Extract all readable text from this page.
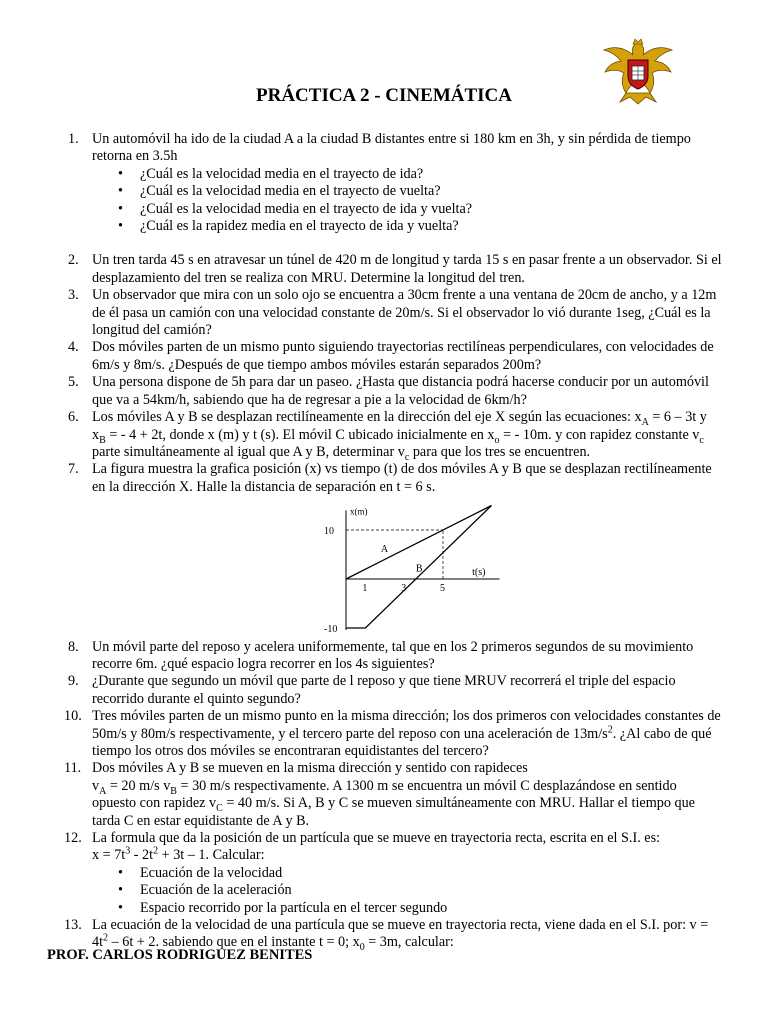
PRÁCTICA 2 - CINEMÁTICA
1. Un automóvil ha ido de la ciudad A a la ciudad B distantes entre si 180 km en 3h, y sin pérdida de tiempo retorna en 3.5h
• ¿Cuál es la velocidad media en el trayecto de ida?
• ¿Cuál es la velocidad media en el trayecto de vuelta?
• ¿Cuál es la velocidad media en el trayecto de ida y vuelta?
• ¿Cuál es la rapidez media en el trayecto de ida y vuelta?
2. Un tren tarda 45 s en atravesar un túnel de 420 m de longitud y tarda 15 s en pasar frente a un observador. Si el desplazamiento del tren se realiza con MRU. Determine la longitud del tren.
3. Un observador que mira con un solo ojo se encuentra a 30cm frente a una ventana de 20cm de ancho, y a 12m de él pasa un camión con una velocidad constante de 20m/s. Si el observador lo vió durante 1seg, ¿Cuál es la longitud del camión?
4. Dos móviles parten de un mismo punto siguiendo trayectorias rectilíneas perpendiculares, con velocidades de 6m/s y 8m/s. ¿Después de que tiempo ambos móviles estarán separados 200m?
5. Una persona dispone de 5h para dar un paseo. ¿Hasta que distancia podrá hacerse conducir por un automóvil que va a 54km/h, sabiendo que ha de regresar a pie a la velocidad de 6km/h?
6. Los móviles A y B se desplazan rectilíneamente en la dirección del eje X según las ecuaciones: $x_A = 6 - 3t$ y $x_B$ = - 4 + 2t, donde x (m) y t (s). El móvil C ubicado inicialmente en $x_o$ = - 10m. y con rapidez constante $v_c$ parte simultáneamente al igual que A y B, determinar $v_c$ para que los tres se encuentren.
7. La figura muestra la grafica posición (x) vs tiempo (t) de dos móviles A y B que se desplazan rectilíneamente en la dirección X. Halle la distancia de separación en t = 6 s.
x(m)
t(s)
10
-10
1	3	5
A
B
8. Un móvil parte del reposo y acelera uniformemente, tal que en los 2 primeros segundos de su movimiento recorre 6m. ¿qué espacio logra recorrer en los 4s siguientes?
9. ¿Durante que segundo un móvil que parte de l reposo y que tiene MRUV recorrerá el triple del espacio recorrido durante el quinto segundo?
10. Tres móviles parten de un mismo punto en la misma dirección; los dos primeros con velocidades constantes de 50m/s y 80m/s respectivamente, y el tercero parte del reposo con una aceleración de $13m/s^2$. ¿Al cabo de qué tiempo los otros dos móviles se encontraran equidistantes del tercero?
11. Dos móviles A y B se mueven en la misma dirección y sentido con rapideces
$v_A = 20$ m/s $v_B = 30$ m/s respectivamente. A 1300 m se encuentra un móvil C desplazándose en sentido opuesto con rapidez $v_C = 40$ m/s. Si A, B y C se mueven simultáneamente con MRU. Hallar el tiempo que tarda C en estar equidistante de A y B.
12. La formula que da la posición de un partícula que se mueve en trayectoria recta, escrita en el S.I. es:
$x = 7t^3 - 2t^2 + 3t - 1$. Calcular:
• Ecuación de la velocidad
• Ecuación de la aceleración
• Espacio recorrido por la partícula en el tercer segundo
13. La ecuación de la velocidad de una partícula que se mueve en trayectoria recta, viene dada en el S.I. por: $v = 4t^2 - 6t + 2$. sabiendo que en el instante t = 0; $x_0 = 3m$, calcular:
PROF. CARLOS RODRIGUEZ BENITES
